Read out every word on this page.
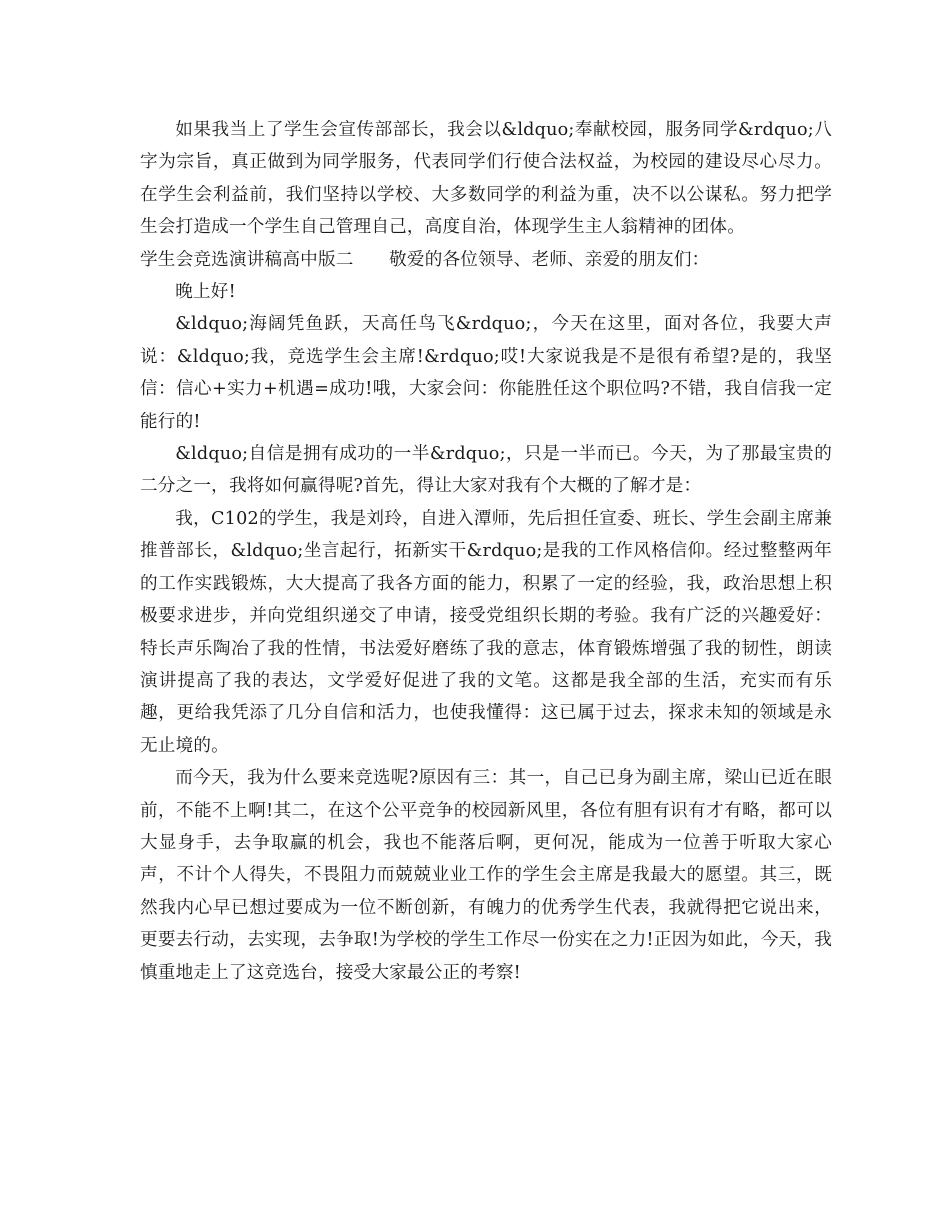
如果我当上了学生会宣传部部长，我会以&ldquo;奉献校园，服务同学&rdquo;八字为宗旨，真正做到为同学服务，代表同学们行使合法权益，为校园的建设尽心尽力。在学生会利益前，我们坚持以学校、大多数同学的利益为重，决不以公谋私。努力把学生会打造成一个学生自己管理自己，高度自治，体现学生主人翁精神的团体。

学生会竞选演讲稿高中版二　　敬爱的各位领导、老师、亲爱的朋友们：

晚上好!

&ldquo;海阔凭鱼跃，天高任鸟飞&rdquo;，今天在这里，面对各位，我要大声说：&ldquo;我，竞选学生会主席!&rdquo;哎!大家说我是不是很有希望?是的，我坚信：信心+实力+机遇=成功!哦，大家会问：你能胜任这个职位吗?不错，我自信我一定能行的!

&ldquo;自信是拥有成功的一半&rdquo;，只是一半而已。今天，为了那最宝贵的二分之一，我将如何赢得呢?首先，得让大家对我有个大概的了解才是：

我，C102的学生，我是刘玲，自进入潭师，先后担任宣委、班长、学生会副主席兼推普部长，&ldquo;坐言起行，拓新实干&rdquo;是我的工作风格信仰。经过整整两年的工作实践锻炼，大大提高了我各方面的能力，积累了一定的经验，我，政治思想上积极要求进步，并向党组织递交了申请，接受党组织长期的考验。我有广泛的兴趣爱好：特长声乐陶冶了我的性情，书法爱好磨练了我的意志，体育锻炼增强了我的韧性，朗读演讲提高了我的表达，文学爱好促进了我的文笔。这都是我全部的生活，充实而有乐趣，更给我凭添了几分自信和活力，也使我懂得：这已属于过去，探求未知的领域是永无止境的。

而今天，我为什么要来竞选呢?原因有三：其一，自己已身为副主席，梁山已近在眼前，不能不上啊!其二，在这个公平竞争的校园新风里，各位有胆有识有才有略，都可以大显身手，去争取赢的机会，我也不能落后啊，更何况，能成为一位善于听取大家心声，不计个人得失，不畏阻力而兢兢业业工作的学生会主席是我最大的愿望。其三，既然我内心早已想过要成为一位不断创新，有魄力的优秀学生代表，我就得把它说出来，更要去行动，去实现，去争取!为学校的学生工作尽一份实在之力!正因为如此，今天，我慎重地走上了这竞选台，接受大家最公正的考察!
